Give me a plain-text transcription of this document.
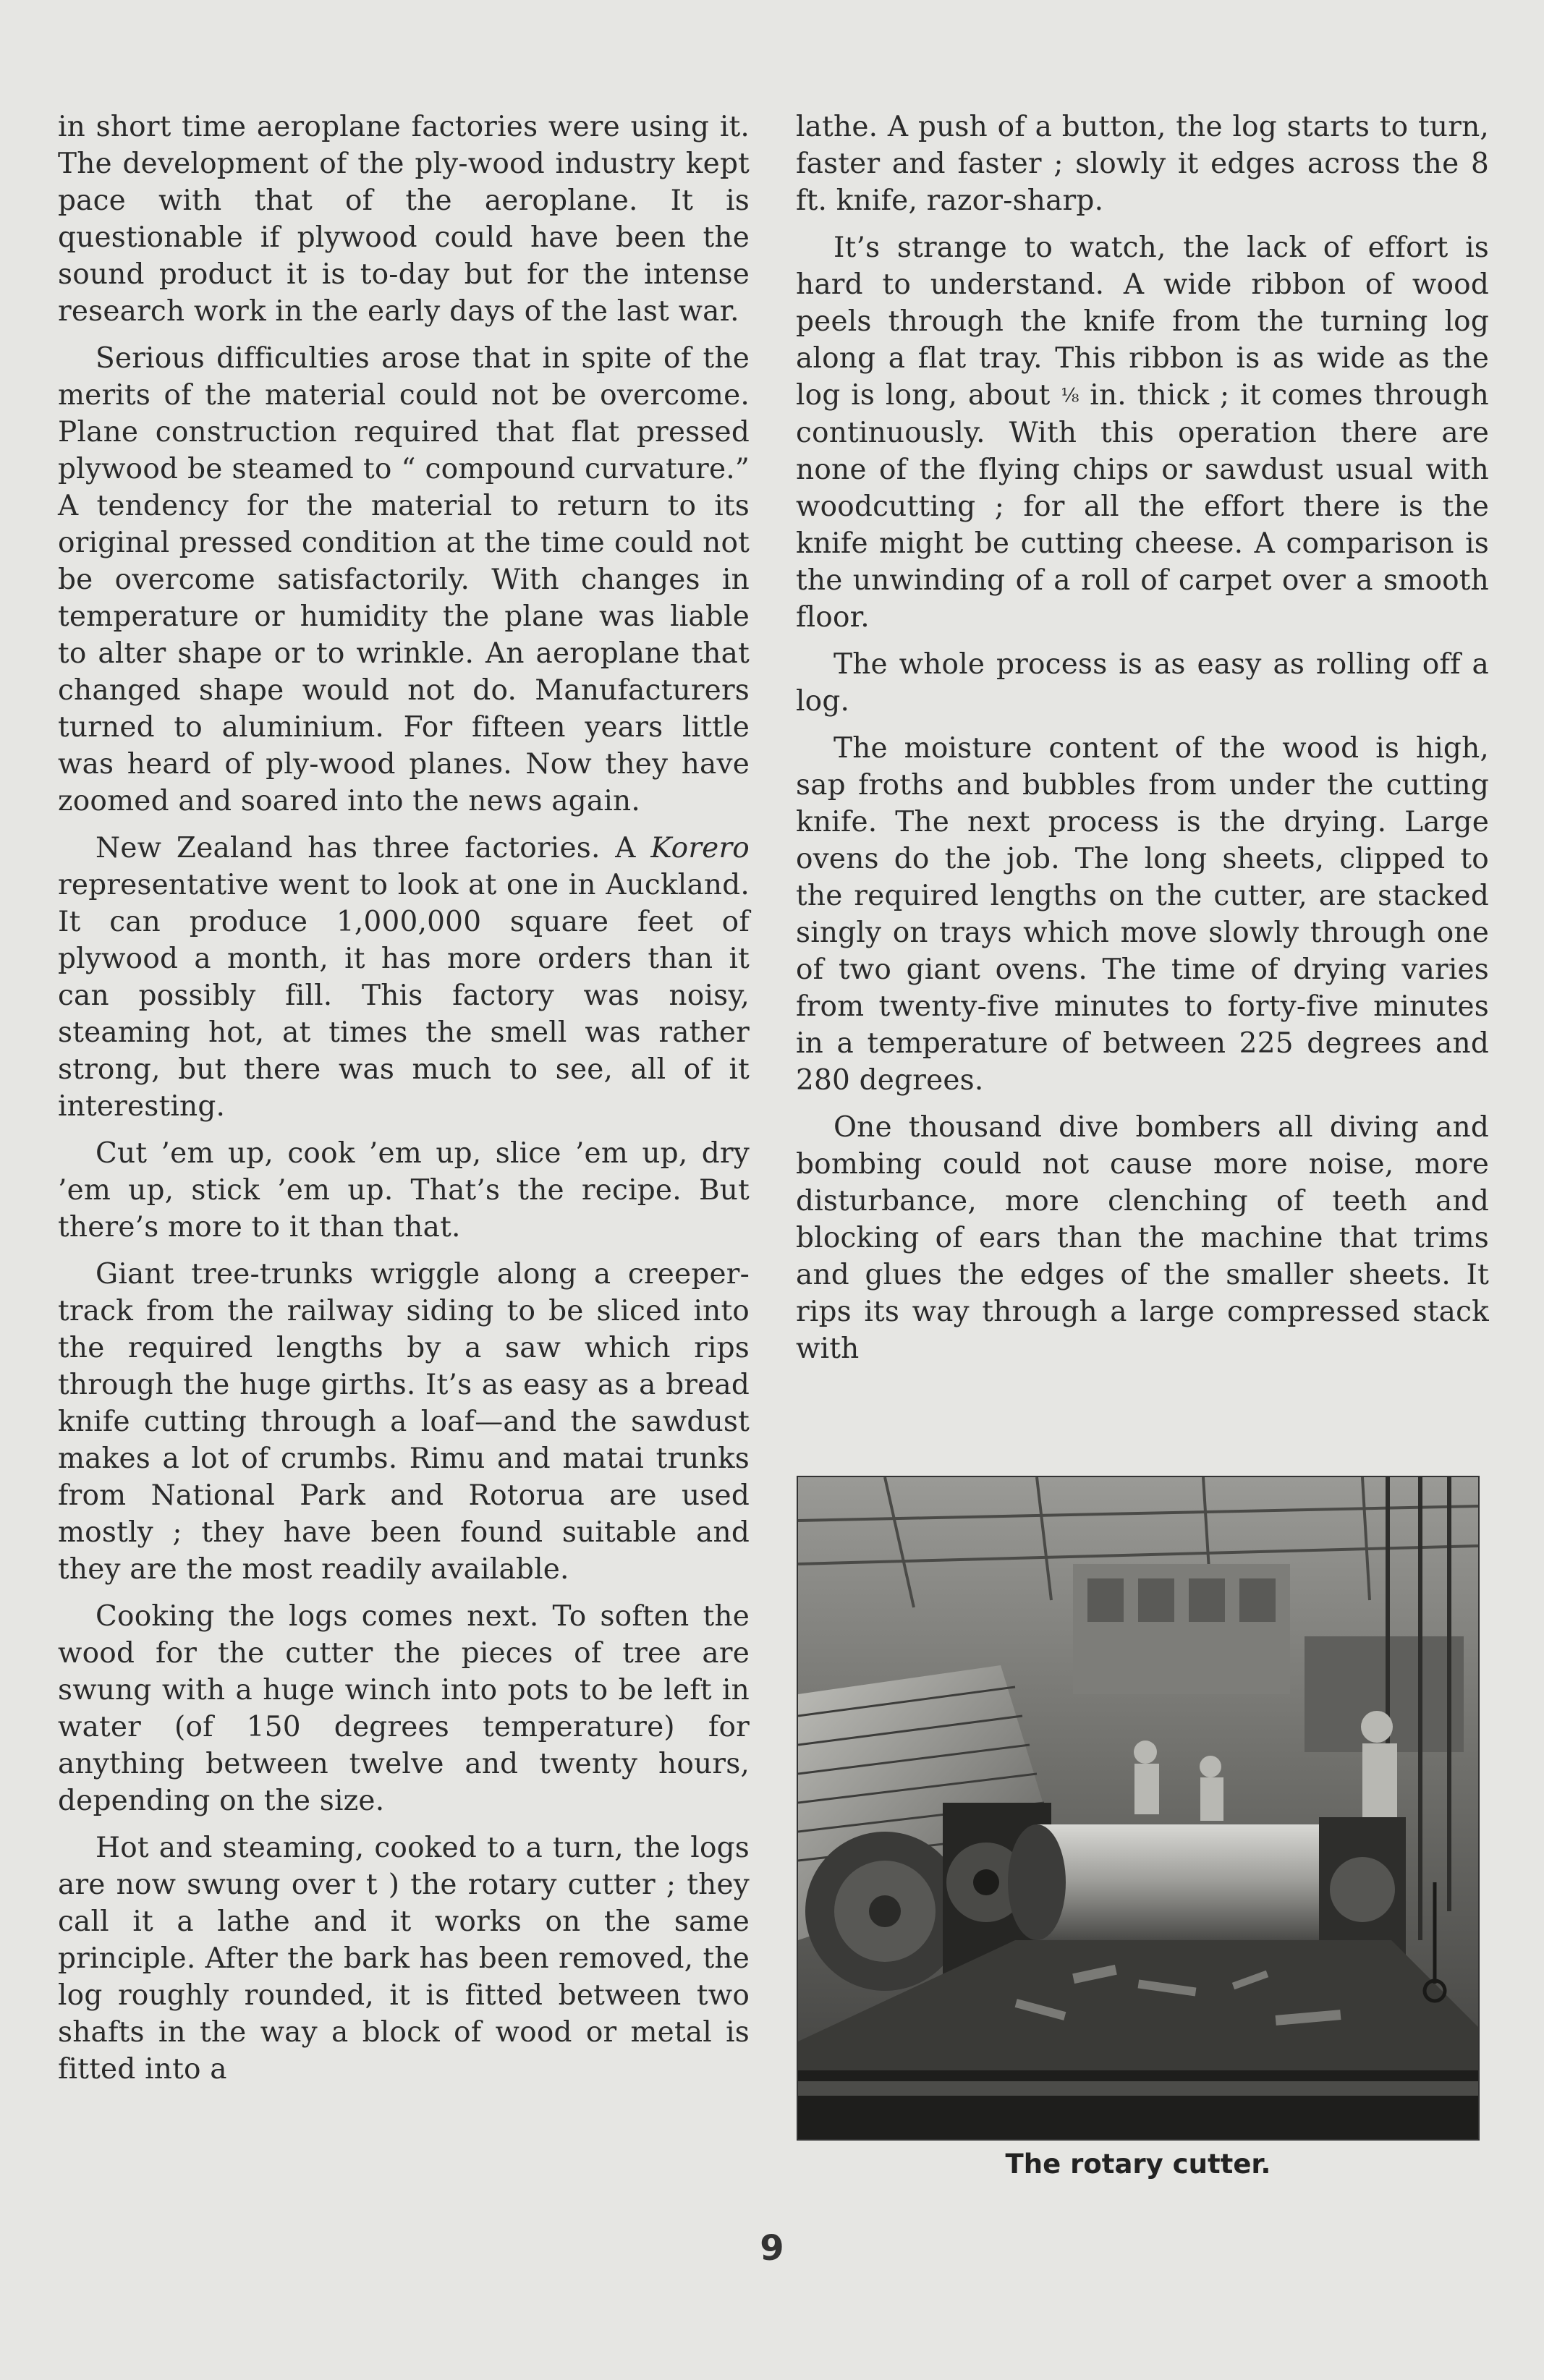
in short time aeroplane factories were using it. The development of the ply-wood industry kept pace with that of the aeroplane. It is questionable if plywood could have been the sound product it is to-day but for the intense research work in the early days of the last war.

Serious difficulties arose that in spite of the merits of the material could not be overcome. Plane construction required that flat pressed plywood be steamed to “ compound curvature.” A tendency for the material to return to its original pressed condition at the time could not be overcome satisfactorily. With changes in temperature or humidity the plane was liable to alter shape or to wrinkle. An aeroplane that changed shape would not do. Manufacturers turned to aluminium. For fifteen years little was heard of ply-wood planes. Now they have zoomed and soared into the news again.

New Zealand has three factories. A Korero representative went to look at one in Auckland. It can produce 1,000,000 square feet of plywood a month, it has more orders than it can possibly fill. This factory was noisy, steaming hot, at times the smell was rather strong, but there was much to see, all of it interesting.

Cut ’em up, cook ’em up, slice ’em up, dry ’em up, stick ’em up. That’s the recipe. But there’s more to it than that.

Giant tree-trunks wriggle along a creeper-track from the railway siding to be sliced into the required lengths by a saw which rips through the huge girths. It’s as easy as a bread knife cutting through a loaf—and the sawdust makes a lot of crumbs. Rimu and matai trunks from National Park and Rotorua are used mostly ; they have been found suitable and they are the most readily available.

Cooking the logs comes next. To soften the wood for the cutter the pieces of tree are swung with a huge winch into pots to be left in water (of 150 degrees temperature) for anything between twelve and twenty hours, depending on the size.

Hot and steaming, cooked to a turn, the logs are now swung over t ) the rotary cutter ; they call it a lathe and it works on the same principle. After the bark has been removed, the log roughly rounded, it is fitted between two shafts in the way a block of wood or metal is fitted into a

lathe. A push of a button, the log starts to turn, faster and faster ; slowly it edges across the 8 ft. knife, razor-sharp.

It’s strange to watch, the lack of effort is hard to understand. A wide ribbon of wood peels through the knife from the turning log along a flat tray. This ribbon is as wide as the log is long, about ⅛ in. thick ; it comes through continuously. With this operation there are none of the flying chips or sawdust usual with woodcutting ; for all the effort there is the knife might be cutting cheese. A comparison is the unwinding of a roll of carpet over a smooth floor.

The whole process is as easy as rolling off a log.

The moisture content of the wood is high, sap froths and bubbles from under the cutting knife. The next process is the drying. Large ovens do the job. The long sheets, clipped to the required lengths on the cutter, are stacked singly on trays which move slowly through one of two giant ovens. The time of drying varies from twenty-five minutes to forty-five minutes in a temperature of between 225 degrees and 280 degrees.

One thousand dive bombers all diving and bombing could not cause more noise, more disturbance, more clenching of teeth and blocking of ears than the machine that trims and glues the edges of the smaller sheets. It rips its way through a large compressed stack with

The rotary cutter.
9
